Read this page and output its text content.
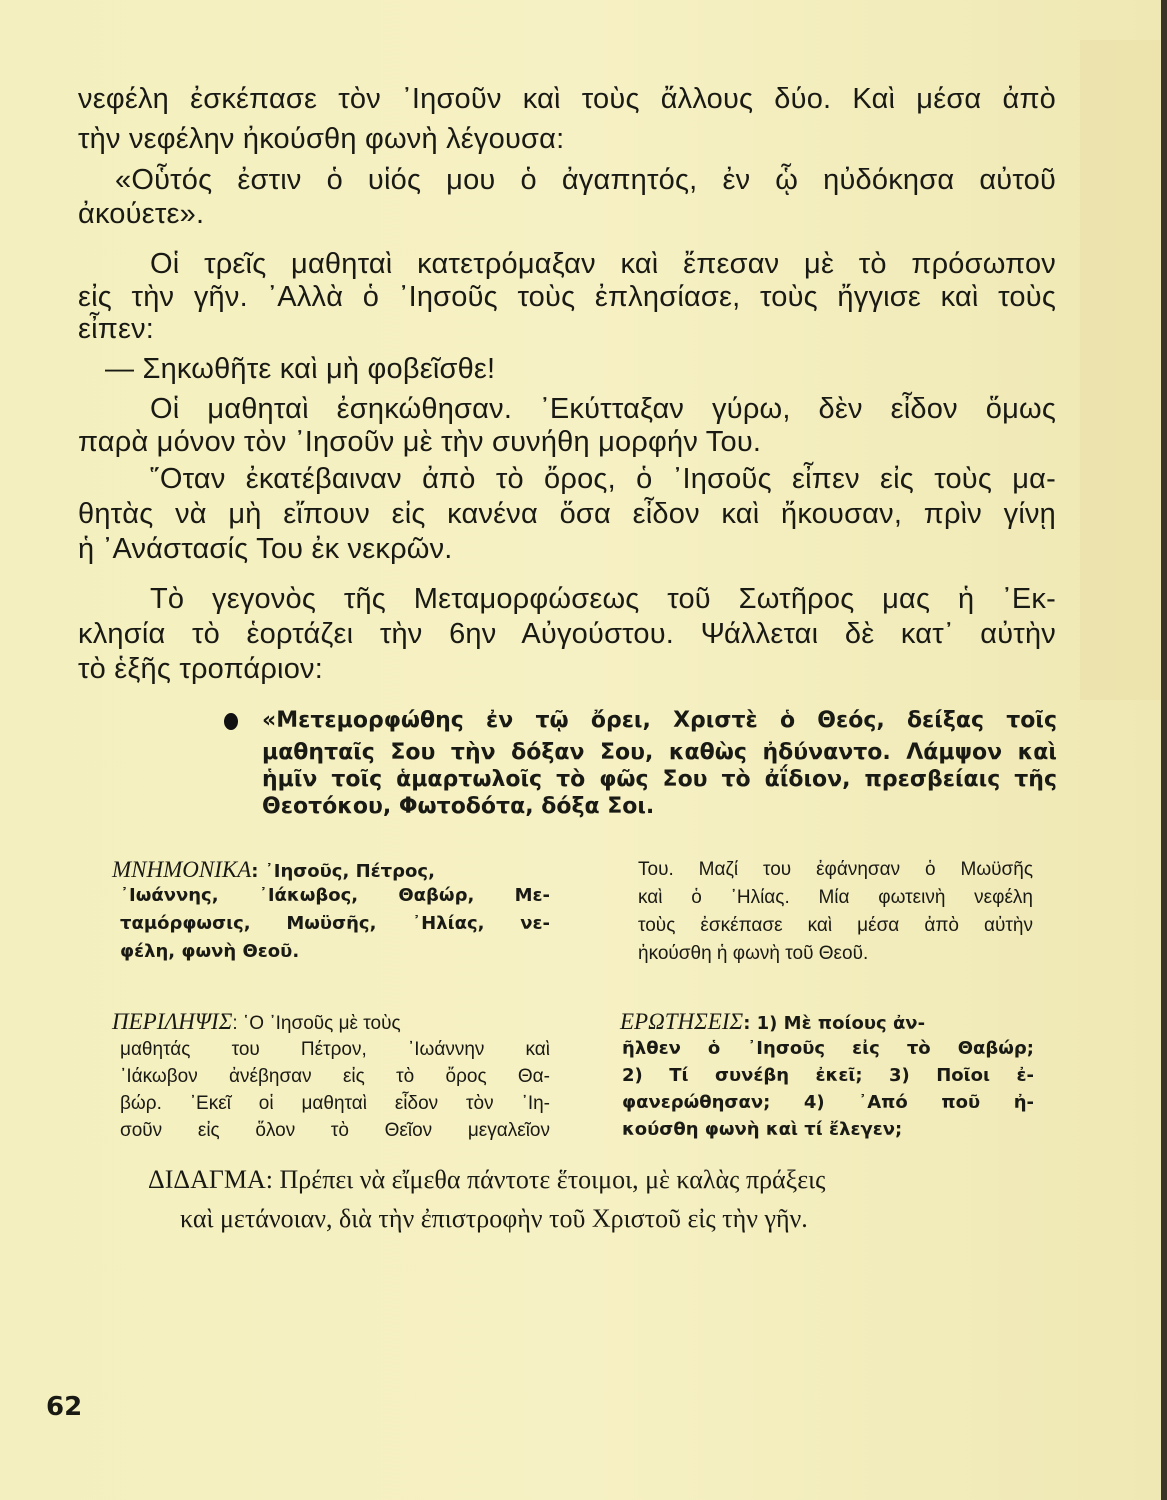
νεφέλη ἐσκέπασε τὸν ᾿Ιησοῦν καὶ τοὺς ἄλλους δύο. Καὶ μέσα ἀπὸ
τὴν νεφέλην ἠκούσθη φωνὴ λέγουσα:
«Οὗτός ἐστιν ὁ υἱός μου ὁ ἀγαπητός, ἐν ᾧ ηὐδόκησα αὐτοῦ
ἀκούετε».
Οἱ τρεῖς μαθηταὶ κατετρόμαξαν καὶ ἔπεσαν μὲ τὸ πρόσωπον
εἰς τὴν γῆν. ᾿Αλλὰ ὁ ᾿Ιησοῦς τοὺς ἐπλησίασε, τοὺς ἤγγισε καὶ τοὺς
εἶπεν:
— Σηκωθῆτε καὶ μὴ φοβεῖσθε!
Οἱ μαθηταὶ ἐσηκώθησαν. ᾿Εκύτταξαν γύρω, δὲν εἶδον ὅμως
παρὰ μόνον τὸν ᾿Ιησοῦν μὲ τὴν συνήθη μορφήν Του.
῞Οταν ἐκατέβαιναν ἀπὸ τὸ ὄρος, ὁ ᾿Ιησοῦς εἶπεν εἰς τοὺς μα-
θητὰς νὰ μὴ εἴπουν εἰς κανένα ὅσα εἶδον καὶ ἤκουσαν, πρὶν γίνῃ
ἡ ᾿Ανάστασίς Του ἐκ νεκρῶν.
Τὸ γεγονὸς τῆς Μεταμορφώσεως τοῦ Σωτῆρος μας ἡ ᾿Εκ-
κλησία τὸ ἑορτάζει τὴν 6ην Αὐγούστου. Ψάλλεται δὲ κατ᾿ αὐτὴν
τὸ ἑξῆς τροπάριον:
«Μετεμορφώθης ἐν τῷ ὄρει, Χριστὲ ὁ Θεός, δείξας τοῖς
μαθηταῖς Σου τὴν δόξαν Σου, καθὼς ἠδύναντο. Λάμψον καὶ
ἡμῖν τοῖς ἁμαρτωλοῖς τὸ φῶς Σου τὸ ἀΐδιον, πρεσβείαις τῆς
Θεοτόκου, Φωτοδότα, δόξα Σοι.
ΜΝΗΜΟΝΙΚΑ: ᾿Ιησοῦς, Πέτρος,
᾿Ιωάννης, ᾿Ιάκωβος, Θαβώρ, Με-
ταμόρφωσις, Μωϋσῆς, ᾿Ηλίας, νε-
φέλη, φωνὴ Θεοῦ.
Του. Μαζί του ἐφάνησαν ὁ Μωϋσῆς
καὶ ὁ ᾿Ηλίας. Μία φωτεινὴ νεφέλη
τοὺς ἐσκέπασε καὶ μέσα ἀπὸ αὐτὴν
ἠκούσθη ἡ φωνὴ τοῦ Θεοῦ.
ΠΕΡΙΛΗΨΙΣ: ῾Ο ᾿Ιησοῦς μὲ τοὺς
μαθητάς του Πέτρον, ᾿Ιωάννην καὶ
᾿Ιάκωβον ἀνέβησαν εἰς τὸ ὄρος Θα-
βώρ. ᾿Εκεῖ οἱ μαθηταὶ εἶδον τὸν ᾿Ιη-
σοῦν εἰς ὅλον τὸ Θεῖον μεγαλεῖον
ΕΡΩΤΗΣΕΙΣ: 1) Μὲ ποίους ἀν-
ῆλθεν ὁ ᾿Ιησοῦς εἰς τὸ Θαβώρ;
2) Τί συνέβη ἐκεῖ; 3) Ποῖοι ἐ-
φανερώθησαν; 4) ᾿Από ποῦ ἠ-
κούσθη φωνὴ καὶ τί ἔλεγεν;
ΔΙΔΑΓΜΑ: Πρέπει νὰ εἴμεθα πάντοτε ἕτοιμοι, μὲ καλὰς πράξεις
καὶ μετάνοιαν, διὰ τὴν ἐπιστροφὴν τοῦ Χριστοῦ εἰς τὴν γῆν.
62
